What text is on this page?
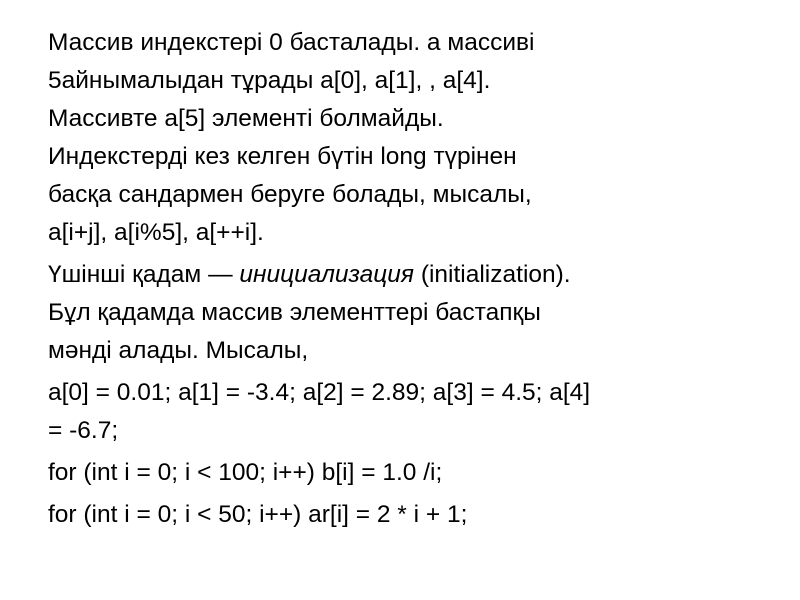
Массив индекстері 0 басталады. a массиві
5айнымалыдан тұрады a[0], a[1], , a[4].
Массивте a[5] элементі болмайды.
Индекстерді кез келген бүтін long түрінен
басқа сандармен беруге болады, мысалы,
a[i+j], a[i%5], a[++i].

Үшінші қадам — инициализация (initialization).
Бұл қадамда массив элементтері бастапқы
мәнді алады. Мысалы,

a[0] = 0.01; a[1] = -3.4; a[2] = 2.89; a[3] = 4.5; a[4]
= -6.7;

for (int i = 0; i < 100; i++) b[i] = 1.0 /i;

for (int i = 0; i < 50; i++) ar[i] = 2 * i + 1;
